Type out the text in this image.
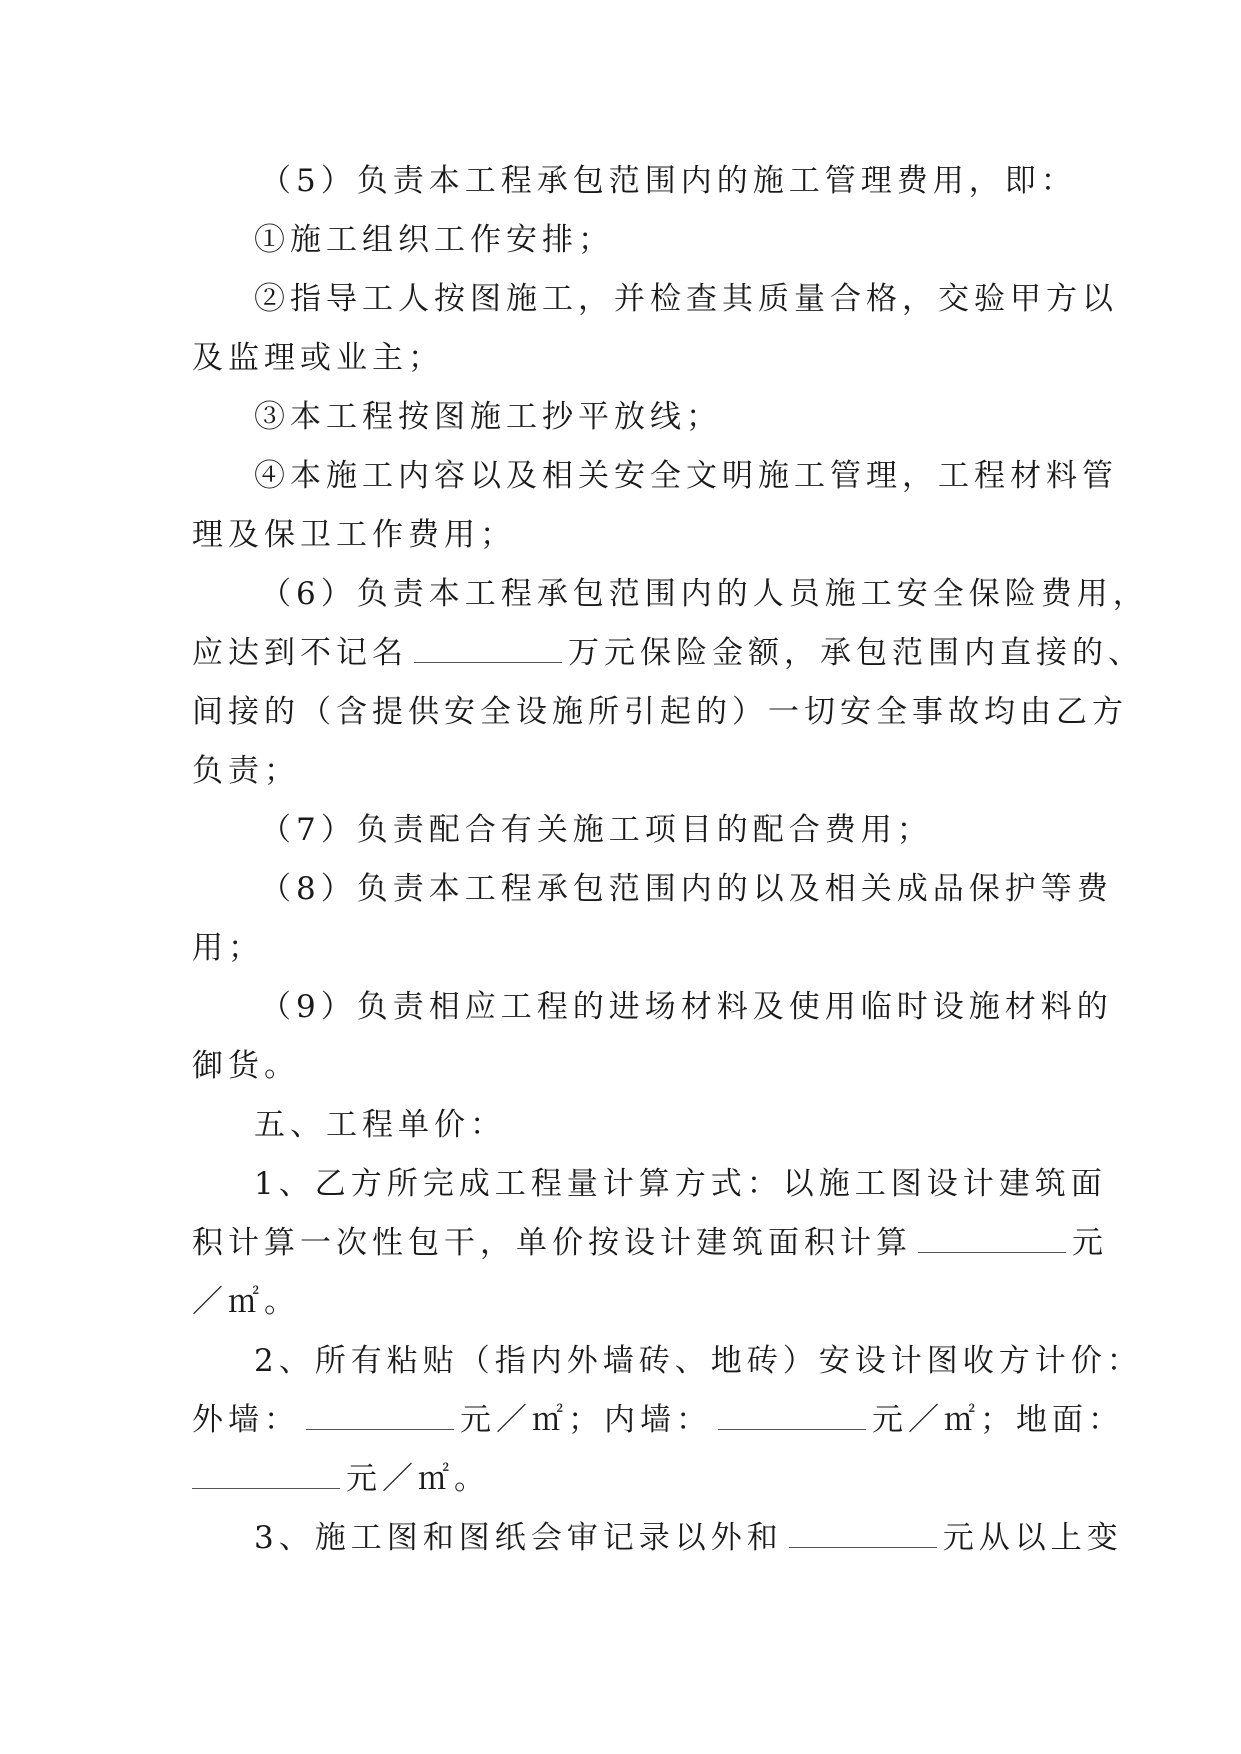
（5）负责本工程承包范围内的施工管理费用，即：
①施工组织工作安排；
②指导工人按图施工，并检查其质量合格，交验甲方以
及监理或业主；
③本工程按图施工抄平放线；
④本施工内容以及相关安全文明施工管理，工程材料管
理及保卫工作费用；
（6）负责本工程承包范围内的人员施工安全保险费用，
应达到不记名	万元保险金额，承包范围内直接的、
间接的（含提供安全设施所引起的）一切安全事故均由乙方
负责；
（7）负责配合有关施工项目的配合费用；
（8）负责本工程承包范围内的以及相关成品保护等费
用；
（9）负责相应工程的进场材料及使用临时设施材料的
御货。
五、工程单价：
1、乙方所完成工程量计算方式：以施工图设计建筑面
积计算一次性包干，单价按设计建筑面积计算	元
／㎡。
2、所有粘贴（指内外墙砖、地砖）安设计图收方计价：
外墙：	元／㎡；内墙：	元／㎡；地面：
元／㎡。
3、施工图和图纸会审记录以外和	元从以上变
